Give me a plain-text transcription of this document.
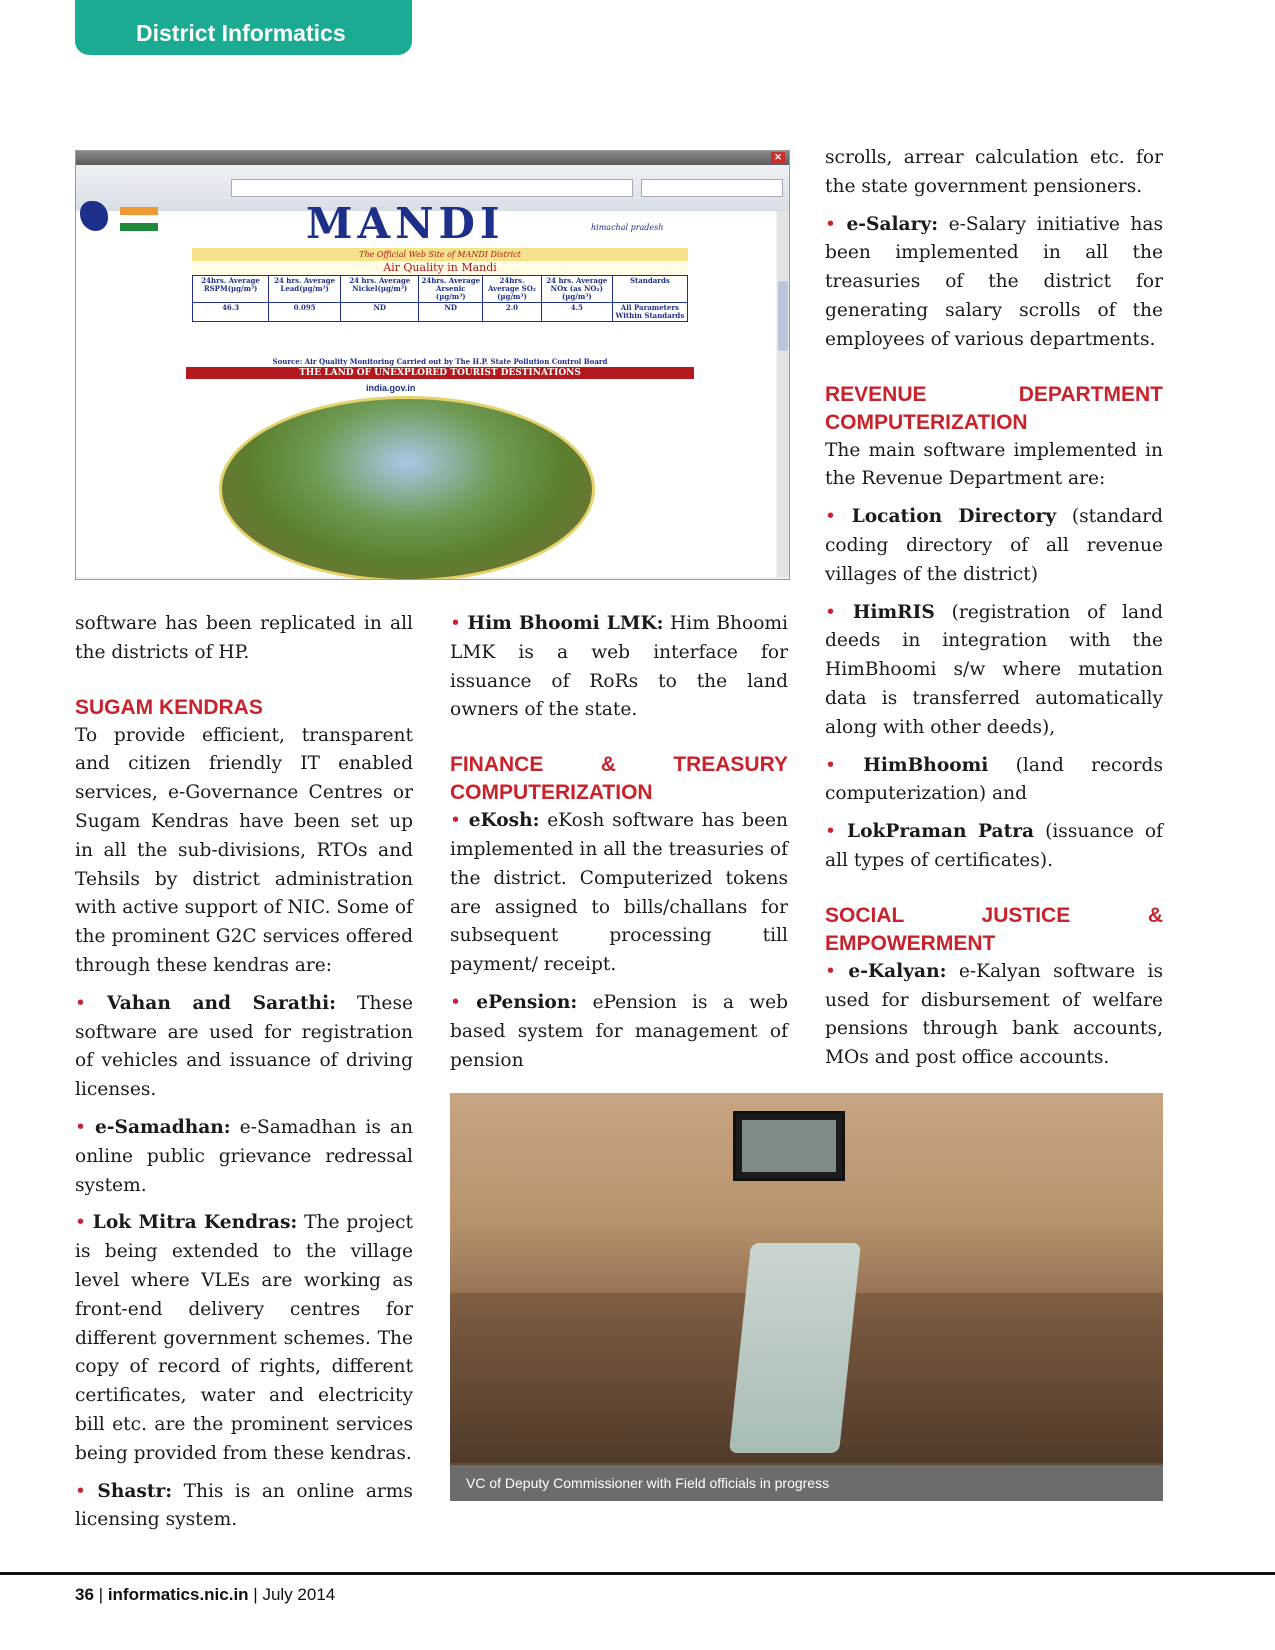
District Informatics
✕
MANDI	himachal pradesh
The Official Web Site of MANDI District
Air Quality in Mandi
24hrs. Average RSPM(µg/m³)	24 hrs. Average Lead(µg/m³)	24 hrs. Average Nickel(µg/m³)	24hrs. Average Arsenic (µg/m³)	24hrs. Average SO₂ (µg/m³)	24 hrs. Average NOx (as NO₂)(µg/m³)	Standards
46.3	0.095	ND	ND	2.0	4.5	All Parameters Within Standards
Source: Air Quality Monitoring Carried out by The H.P. State Pollution Control Board
THE LAND OF UNEXPLORED TOURIST DESTINATIONS
india.gov.in

software has been replicated in all the districts of HP.

SUGAM KENDRAS

To provide efficient, transparent and citizen friendly IT enabled services, e-Governance Centres or Sugam Kendras have been set up in all the sub-divisions, RTOs and Tehsils by district administration with active support of NIC. Some of the prominent G2C services offered through these kendras are:

• Vahan and Sarathi: These software are used for registration of vehicles and issuance of driving licenses.

• e-Samadhan: e-Samadhan is an online public grievance redressal system.

• Lok Mitra Kendras: The project is being extended to the village level where VLEs are working as front-end delivery centres for different government schemes. The copy of record of rights, different certificates, water and electricity bill etc. are the prominent services being provided from these kendras.

• Shastr: This is an online arms licensing system.

• Him Bhoomi LMK: Him Bhoomi LMK is a web interface for issuance of RoRs to the land owners of the state.

FINANCE & TREASURY COMPUTERIZATION

• eKosh: eKosh software has been implemented in all the treasuries of the district. Computerized tokens are assigned to bills/challans for subsequent processing till payment/ receipt.

• ePension: ePension is a web based system for management of pension

scrolls, arrear calculation etc. for the state government pensioners.

• e-Salary: e-Salary initiative has been implemented in all the treasuries of the district for generating salary scrolls of the employees of various departments.

REVENUE DEPARTMENT COMPUTERIZATION

The main software implemented in the Revenue Department are:

• Location Directory (standard coding directory of all revenue villages of the district)

• HimRIS (registration of land deeds in integration with the HimBhoomi s/w where mutation data is transferred automatically along with other deeds),

• HimBhoomi (land records computerization) and

• LokPraman Patra (issuance of all types of certificates).

SOCIAL JUSTICE & EMPOWERMENT

• e-Kalyan: e-Kalyan software is used for disbursement of welfare pensions through bank accounts, MOs and post office accounts.

VC of Deputy Commissioner with Field officials in progress
36 | informatics.nic.in | July 2014
